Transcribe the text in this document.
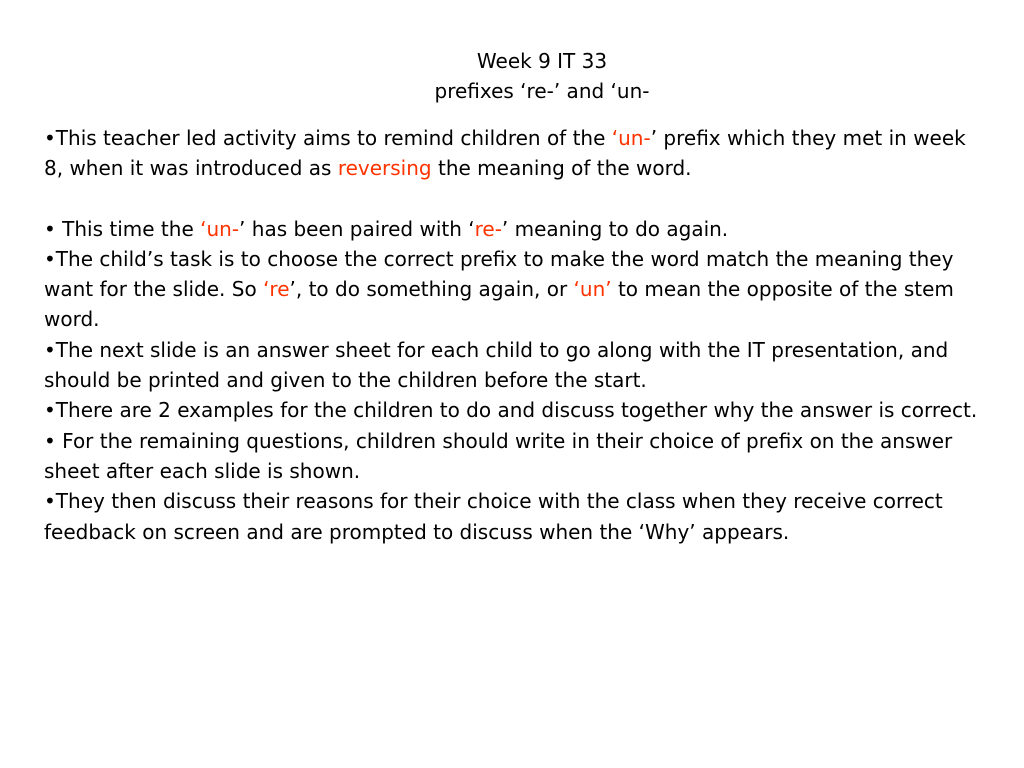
Week 9 IT 33
prefixes ‘re-’ and ‘un-

•This teacher led activity aims to remind children of the ‘un-’ prefix which they met in week 8, when it was introduced as reversing the meaning of the word.

• This time the ‘un-’ has been paired with ‘re-’ meaning to do again.

•The child’s task is to choose the correct prefix to make the word match the meaning they want for the slide. So ‘re’, to do something again, or ‘un’ to mean the opposite of the stem word.

•The next slide is an answer sheet for each child to go along with the IT presentation, and should be printed and given to the children before the start.

•There are 2 examples for the children to do and discuss together why the answer is correct.

• For the remaining questions, children should write in their choice of prefix on the answer sheet after each slide is shown.

•They then discuss their reasons for their choice with the class when they receive correct feedback on screen and are prompted to discuss when the ‘Why’ appears.
